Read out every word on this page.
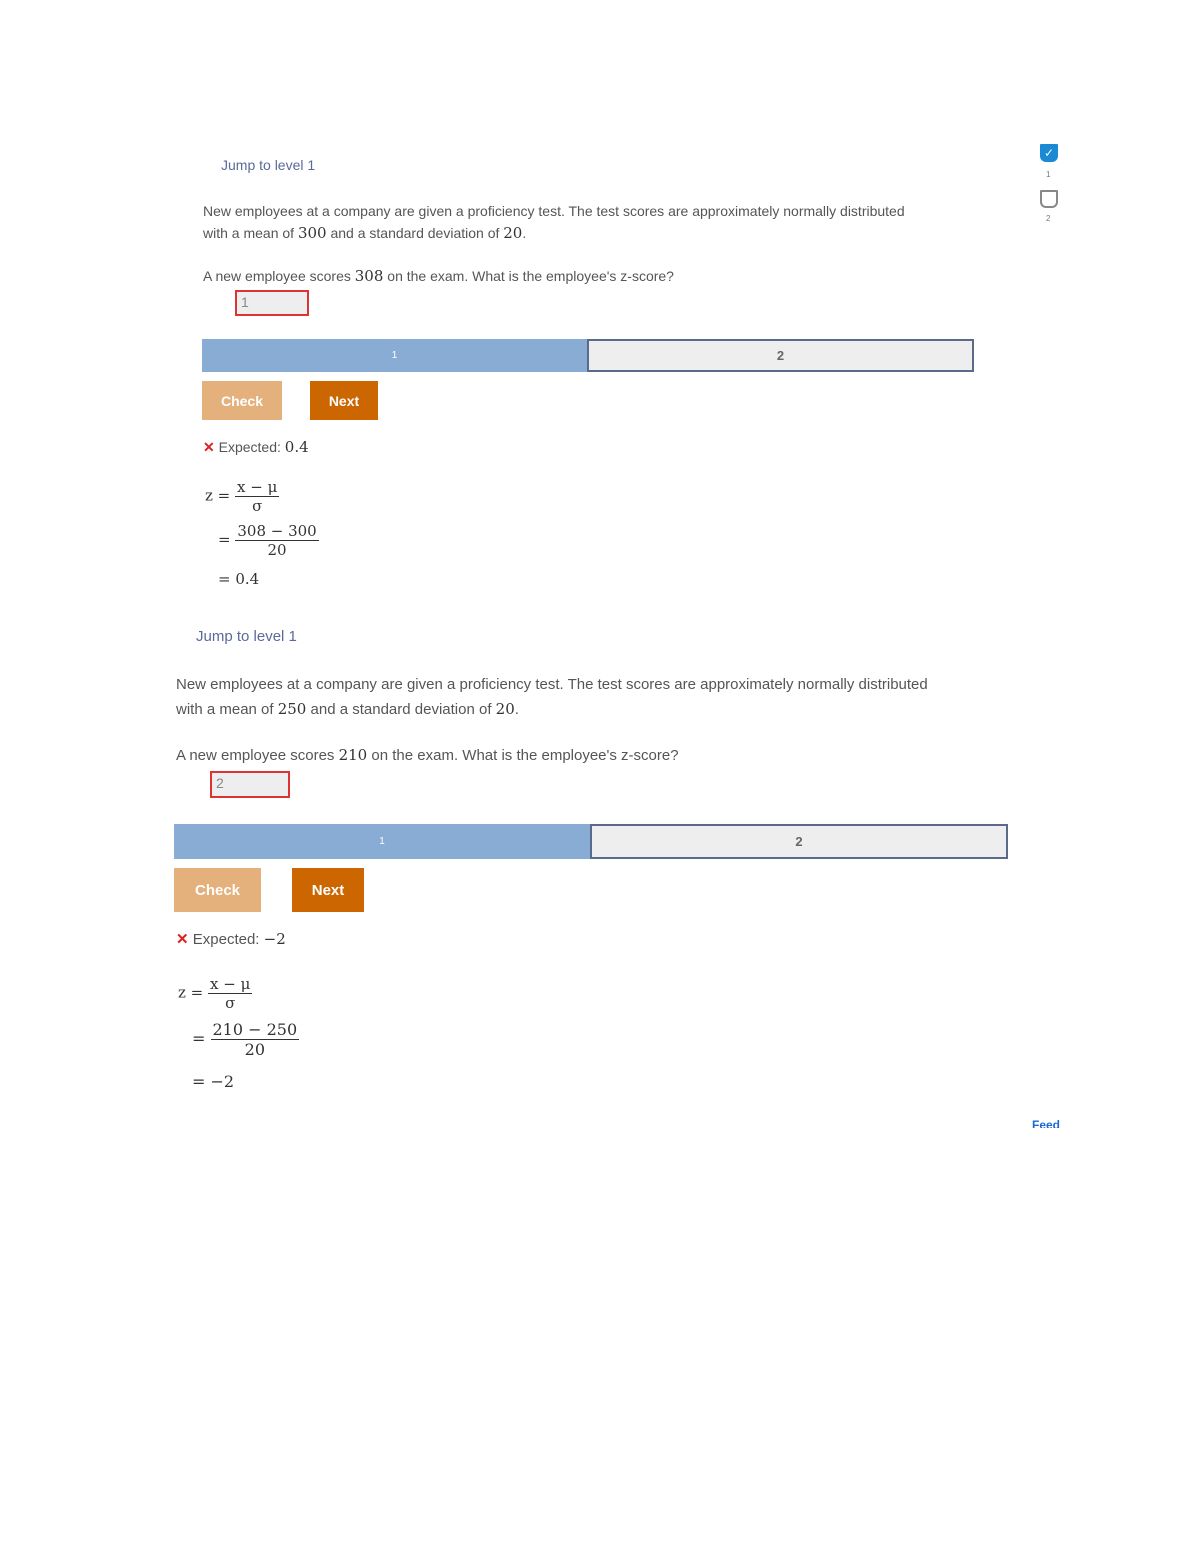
✓
1
2
Jump to level 1
New employees at a company are given a proficiency test. The test scores are approximately normally distributed
with a mean of 300 and a standard deviation of 20.
A new employee scores 308 on the exam. What is the employee's z-score?
1
1	2
Check	Next
✕ Expected: 0.4
$z = \frac{x - \mu}{\sigma}$
= $\frac{308 - 300}{20}$
= 0.4
Jump to level 1
New employees at a company are given a proficiency test. The test scores are approximately normally distributed
with a mean of 250 and a standard deviation of 20.
A new employee scores 210 on the exam. What is the employee's z-score?
2
1	2
Check	Next
✕ Expected: −2
$z = \frac{x - \mu}{\sigma}$
= $\frac{210 - 250}{20}$
= −2
Feed
